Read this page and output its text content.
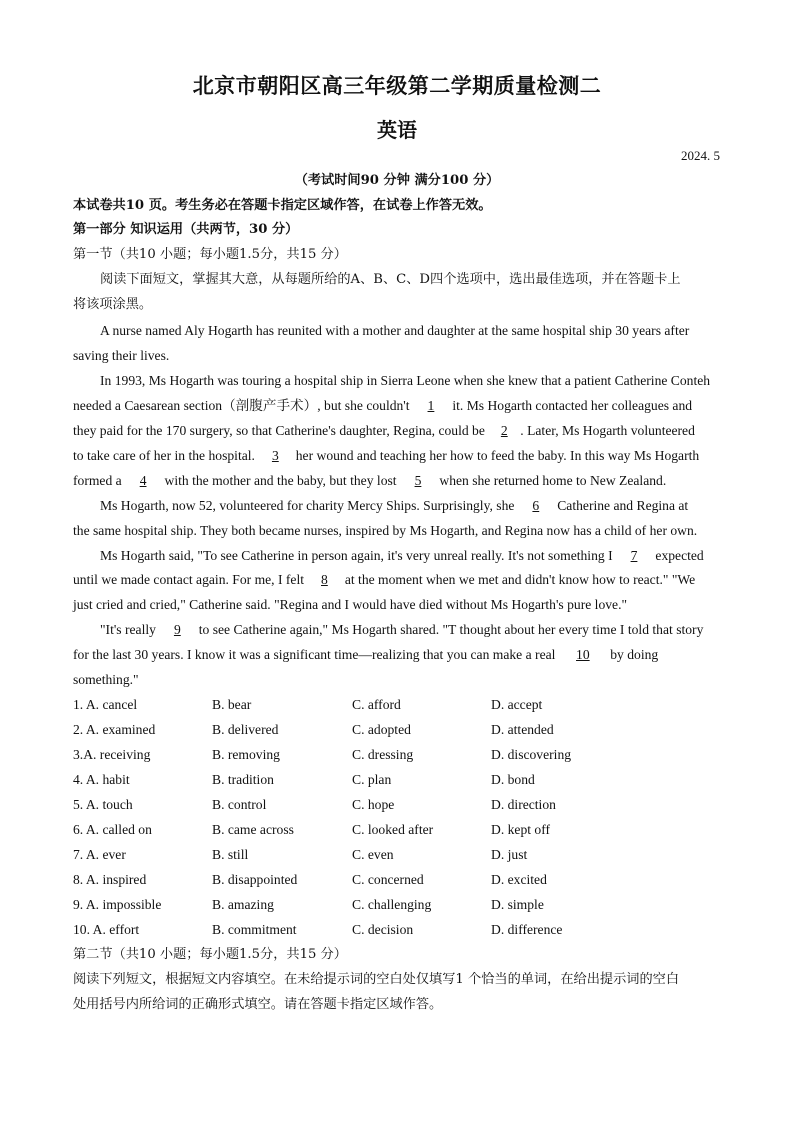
北京市朝阳区高三年级第二学期质量检测二
英语
2024. 5
（考试时间90 分钟 满分100 分）
本试卷共10 页。考生务必在答题卡指定区域作答，在试卷上作答无效。
第一部分 知识运用（共两节，30 分）
第一节（共10 小题；每小题1.5分，共15 分）
阅读下面短文，掌握其大意，从每题所给的A、B、C、D四个选项中，选出最佳选项，并在答题卡上
将该项涂黑。
A nurse named Aly Hogarth has reunited with a mother and daughter at the same hospital ship 30 years after
saving their lives.
In 1993, Ms Hogarth was touring a hospital ship in Sierra Leone when she knew that a patient Catherine Conteh
needed a Caesarean section（剖腹产手术）, but she couldn't 1 it. Ms Hogarth contacted her colleagues and
they paid for the 170 surgery, so that Catherine's daughter, Regina, could be 2 . Later, Ms Hogarth volunteered
to take care of her in the hospital. 3 her wound and teaching her how to feed the baby. In this way Ms Hogarth
formed a 4 with the mother and the baby, but they lost 5 when she returned home to New Zealand.
Ms Hogarth, now 52, volunteered for charity Mercy Ships. Surprisingly, she 6 Catherine and Regina at
the same hospital ship. They both became nurses, inspired by Ms Hogarth, and Regina now has a child of her own.
Ms Hogarth said, "To see Catherine in person again, it's very unreal really. It's not something I 7 expected
until we made contact again. For me, I felt 8 at the moment when we met and didn't know how to react." "We
just cried and cried," Catherine said. "Regina and I would have died without Ms Hogarth's pure love."
"It's really 9 to see Catherine again," Ms Hogarth shared. "T thought about her every time I told that story
for the last 30 years. I know it was a significant time—realizing that you can make a real 10 by doing
something."
1. A. cancel	B. bear	C. afford	D. accept
2. A. examined	B. delivered	C. adopted	D. attended
3.A. receiving	B. removing	C. dressing	D. discovering
4. A. habit	B. tradition	C. plan	D. bond
5. A. touch	B. control	C. hope	D. direction
6. A. called on	B. came across	C. looked after	D. kept off
7. A. ever	B. still	C. even	D. just
8. A. inspired	B. disappointed	C. concerned	D. excited
9. A. impossible	B. amazing	C. challenging	D. simple
10. A. effort	B. commitment	C. decision	D. difference
第二节（共10 小题；每小题1.5分，共15 分）
阅读下列短文，根据短文内容填空。在未给提示词的空白处仅填写1 个恰当的单词，在给出提示词的空白
处用括号内所给词的正确形式填空。请在答题卡指定区域作答。
